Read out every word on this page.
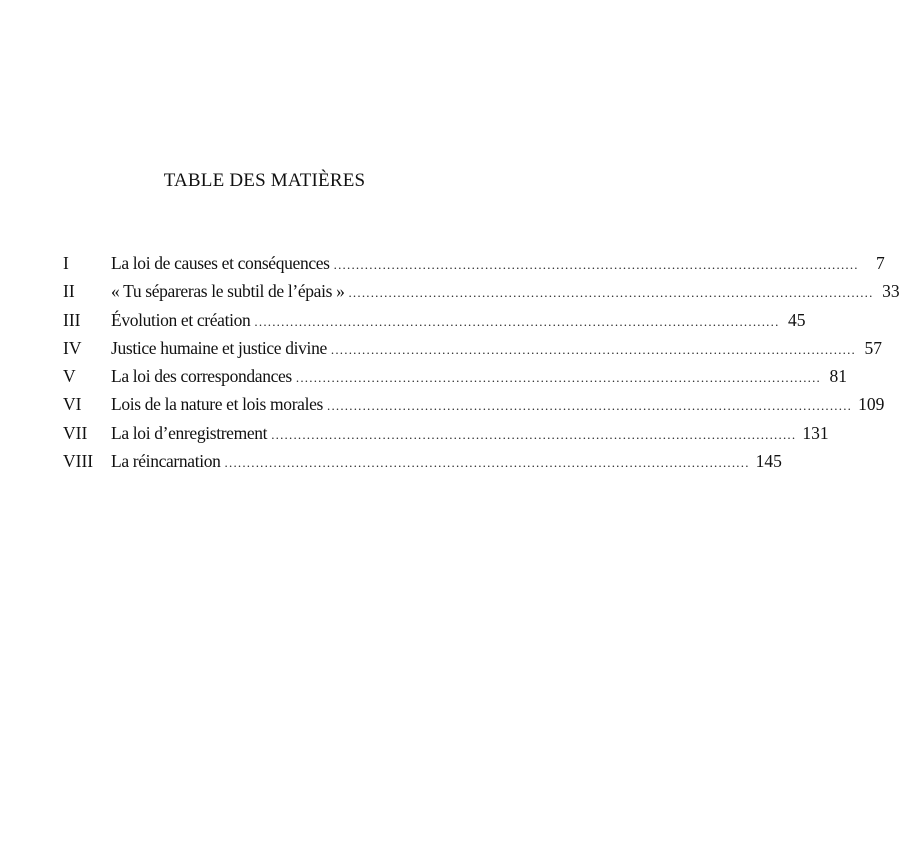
TABLE DES MATIÈRES
I	La loi de causes et conséquences ...................................................................................................................... 7
II	« Tu sépareras le subtil de l’épais » ...................................................................................................................... 33
III	Évolution et création ...................................................................................................................... 45
IV	Justice humaine et justice divine ...................................................................................................................... 57
V	La loi des correspondances ...................................................................................................................... 81
VI	Lois de la nature et lois morales ...................................................................................................................... 109
VII	La loi d’enregistrement ...................................................................................................................... 131
VIII	La réincarnation ...................................................................................................................... 145
